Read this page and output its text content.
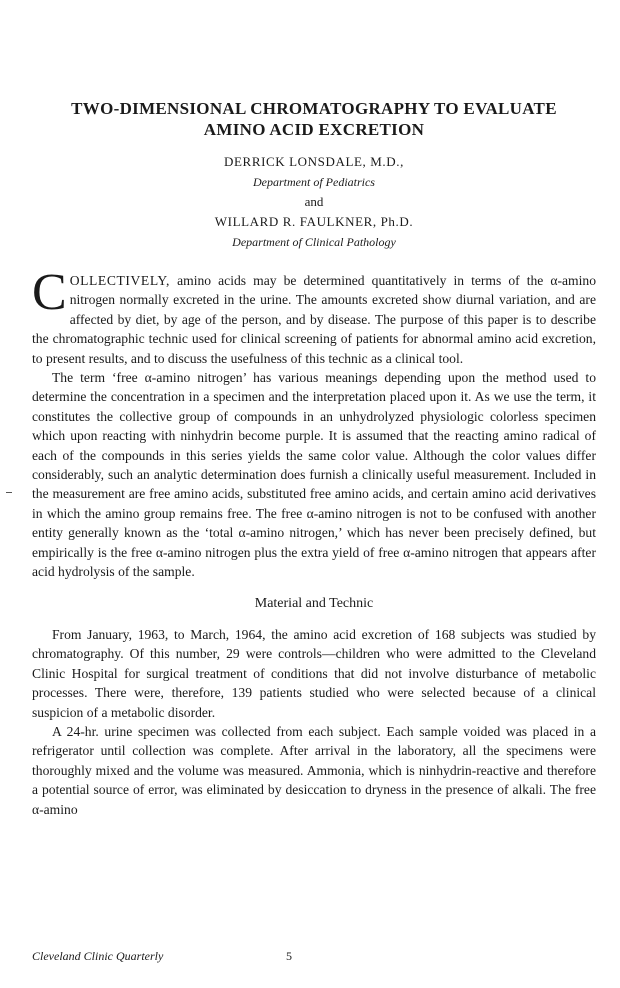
TWO-DIMENSIONAL CHROMATOGRAPHY TO EVALUATE
AMINO ACID EXCRETION
DERRICK LONSDALE, M.D.,
Department of Pediatrics
and
WILLARD R. FAULKNER, Ph.D.
Department of Clinical Pathology

COLLECTIVELY, amino acids may be determined quantitatively in terms of the α-amino nitrogen normally excreted in the urine. The amounts excreted show diurnal variation, and are affected by diet, by age of the person, and by disease. The purpose of this paper is to describe the chromatographic technic used for clinical screening of patients for abnormal amino acid excretion, to present results, and to discuss the usefulness of this technic as a clinical tool.

The term ‘free α-amino nitrogen’ has various meanings depending upon the method used to determine the concentration in a specimen and the interpretation placed upon it. As we use the term, it constitutes the collective group of compounds in an unhydrolyzed physiologic colorless specimen which upon reacting with ninhydrin become purple. It is assumed that the reacting amino radical of each of the compounds in this series yields the same color value. Although the color values differ considerably, such an analytic determination does furnish a clinically useful measurement. Included in the measurement are free amino acids, substituted free amino acids, and certain amino acid derivatives in which the amino group remains free. The free α-amino nitrogen is not to be confused with another entity generally known as the ‘total α-amino nitrogen,’ which has never been precisely defined, but empirically is the free α-amino nitrogen plus the extra yield of free α-amino nitrogen that appears after acid hydrolysis of the sample.

Material and Technic

From January, 1963, to March, 1964, the amino acid excretion of 168 subjects was studied by chromatography. Of this number, 29 were controls—children who were admitted to the Cleveland Clinic Hospital for surgical treatment of conditions that did not involve disturbance of metabolic processes. There were, therefore, 139 patients studied who were selected because of a clinical suspicion of a metabolic disorder.

A 24-hr. urine specimen was collected from each subject. Each sample voided was placed in a refrigerator until collection was complete. After arrival in the laboratory, all the specimens were thoroughly mixed and the volume was measured. Ammonia, which is ninhydrin-reactive and therefore a potential source of error, was eliminated by desiccation to dryness in the presence of alkali. The free α-amino

Cleveland Clinic Quarterly	5
